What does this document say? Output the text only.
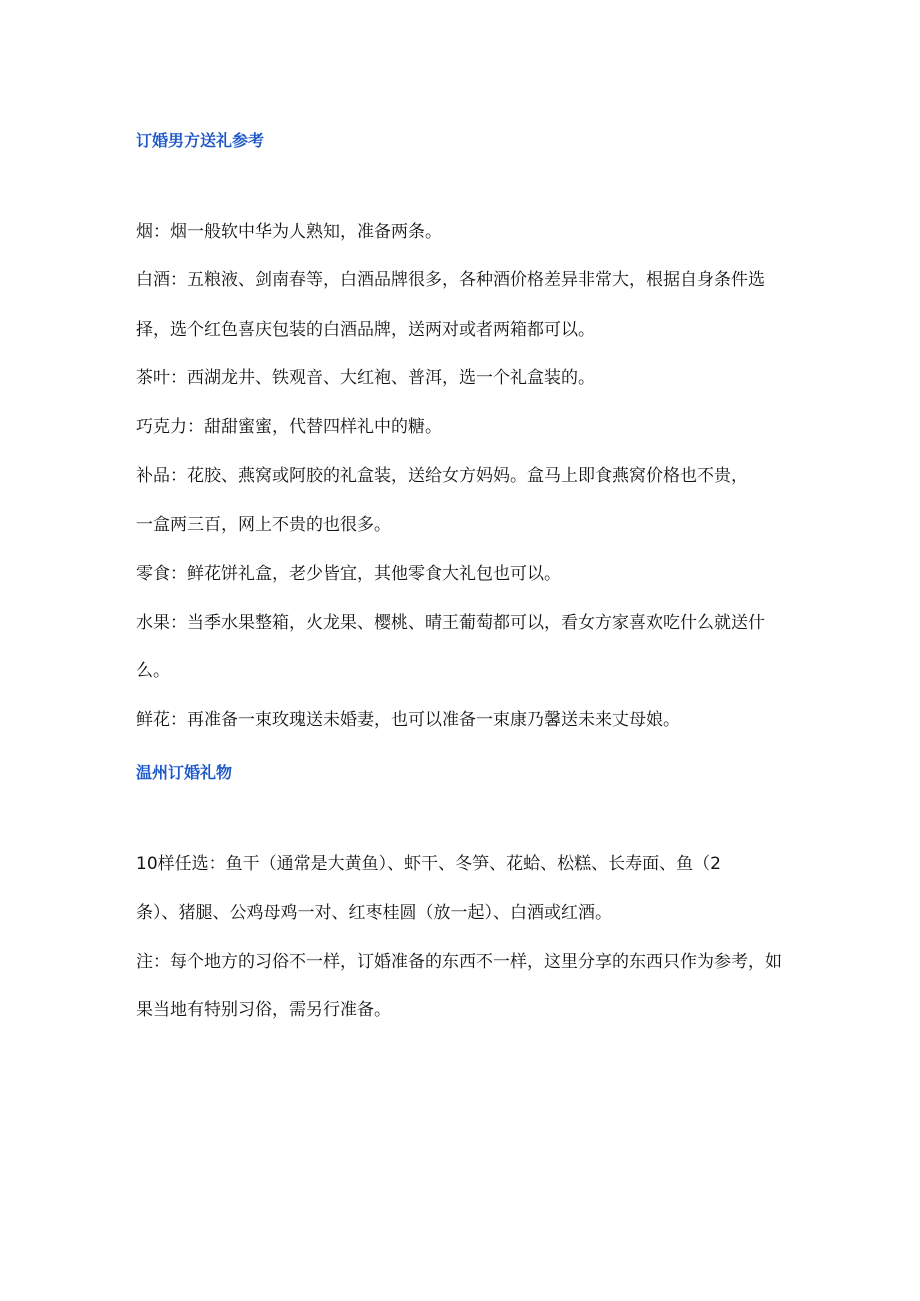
订婚男方送礼参考
烟：烟一般软中华为人熟知，准备两条。
白酒：五粮液、剑南春等，白酒品牌很多，各种酒价格差异非常大，根据自身条件选
择，选个红色喜庆包装的白酒品牌，送两对或者两箱都可以。
茶叶：西湖龙井、铁观音、大红袍、普洱，选一个礼盒装的。
巧克力：甜甜蜜蜜，代替四样礼中的糖。
补品：花胶、燕窝或阿胶的礼盒装，送给女方妈妈。盒马上即食燕窝价格也不贵，
一盒两三百，网上不贵的也很多。
零食：鲜花饼礼盒，老少皆宜，其他零食大礼包也可以。
水果：当季水果整箱，火龙果、樱桃、晴王葡萄都可以，看女方家喜欢吃什么就送什
么。
鲜花：再准备一束玫瑰送未婚妻，也可以准备一束康乃馨送未来丈母娘。
温州订婚礼物
10样任选：鱼干（通常是大黄鱼）、虾干、冬笋、花蛤、松糕、长寿面、鱼（2
条）、猪腿、公鸡母鸡一对、红枣桂圆（放一起）、白酒或红酒。
注：每个地方的习俗不一样，订婚准备的东西不一样，这里分享的东西只作为参考，如
果当地有特别习俗，需另行准备。
